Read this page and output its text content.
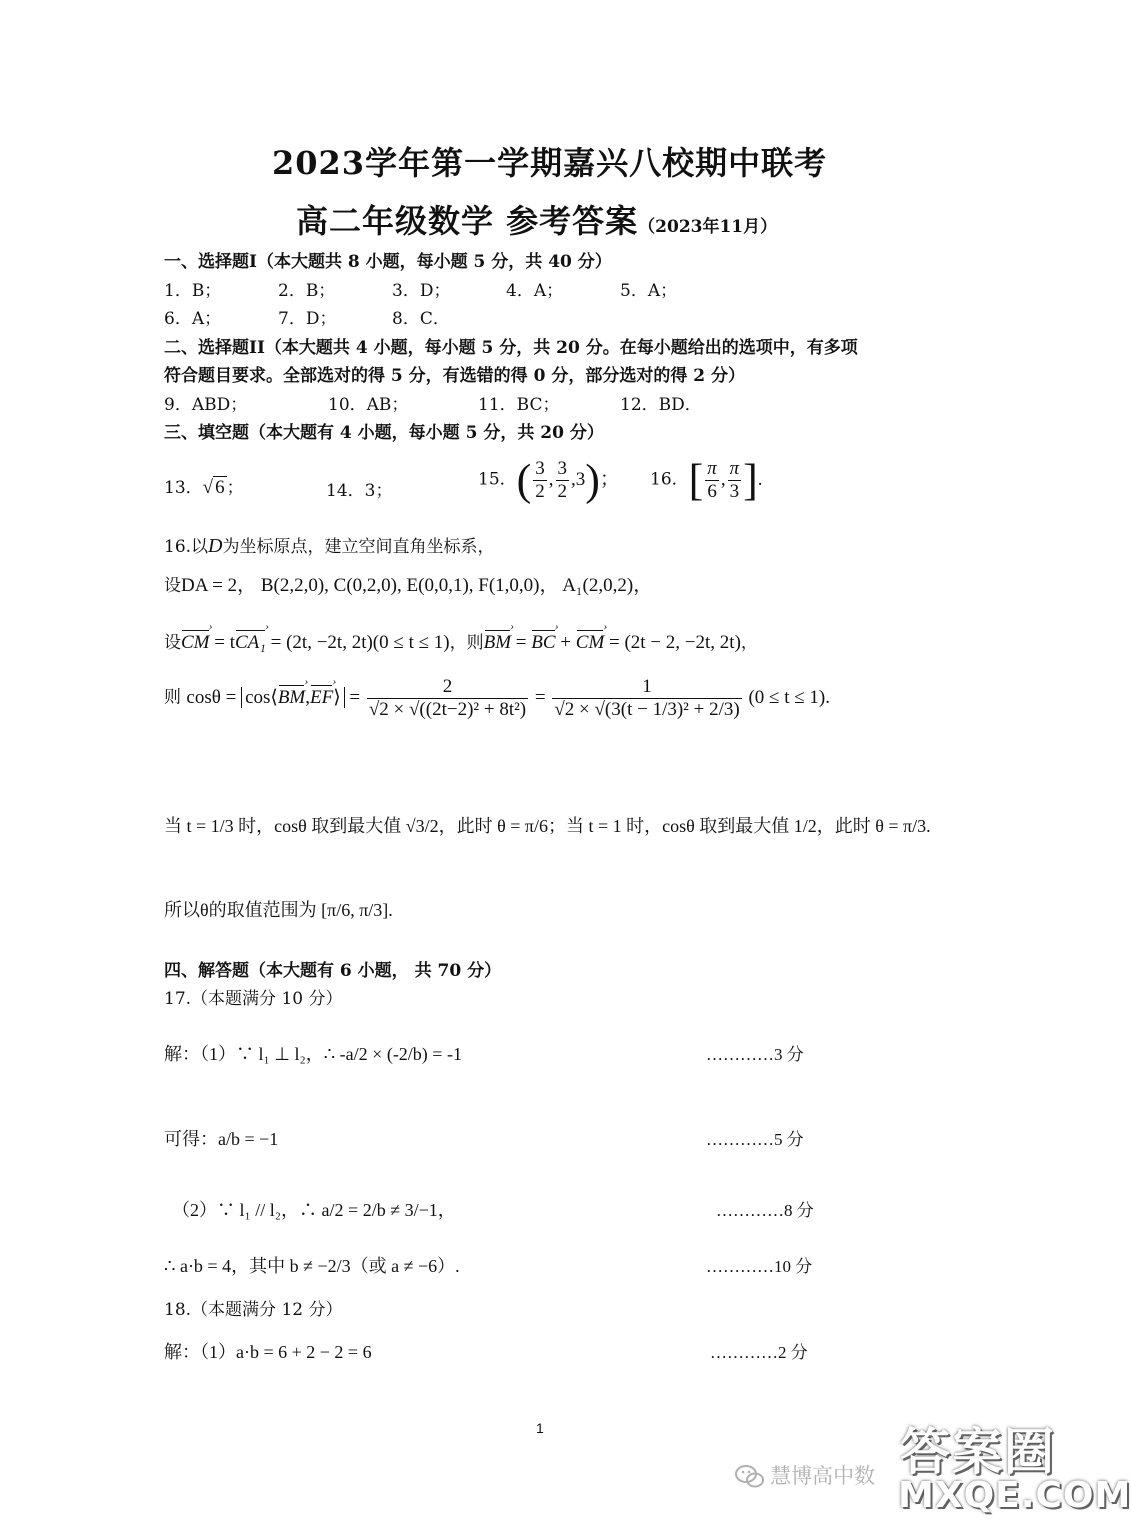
2023学年第一学期嘉兴八校期中联考
高二年级数学 参考答案（2023年11月）
一、选择题I（本大题共 8 小题，每小题 5 分，共 40 分）
1．B；	2．B；	3．D；	4．A；	5．A；
6．A；	7．D；	8．C．
二、选择题II（本大题共 4 小题，每小题 5 分，共 20 分。在每小题给出的选项中，有多项
符合题目要求。全部选对的得 5 分，有选错的得 0 分，部分选对的得 2 分）
9．ABD；	10．AB；	11．BC；	12．BD．
三、填空题（本大题有 4 小题，每小题 5 分，共 20 分）
13．√ 6 ；	14．3；
15．( $\frac{3}{2}$ , $\frac{3}{2} ,3$)； 16．[ $\frac{\pi}{6}$ , $\frac{\pi}{3}$ ].
16.以D为坐标原点，建立空间直角坐标系，
设DA = 2， B(2,2,0), C(0,2,0), E(0,0,1), F(1,0,0)， A₁(2,0,2)，
设CM › = tCA₁ › = (2t, −2t, 2t)(0 ≤ t ≤ 1)，则BM › = BC › + CM › = (2t − 2, −2t, 2t)，
则 cosθ = cos⟨BM ›,EF ›⟩ = $\frac{2}{\text{√2 × √((2t−2)² + 8t²)}} = \frac{1}{\text{√2 × √(3(t − 1/3)² + 2/3)}} (0 \le t \le 1)$.
当 t = 1/3 时，cosθ 取到最大值 √3/2，此时 θ = π/6；当 t = 1 时，cosθ 取到最大值 1/2，此时 θ = π/3.
所以θ的取值范围为 [π/6, π/3].
四、解答题（本大题有 6 小题， 共 70 分）
17.（本题满分 10 分）
解：（1）∵ l₁ ⊥ l₂，∴ -a/2 × (-2/b) = -1	…………3 分
可得：a/b = −1	…………5 分
（2）∵ l₁ // l₂，∴ a/2 = 2/b ≠ 3/−1，	…………8 分
∴ a·b = 4，其中 b ≠ −2/3（或 a ≠ −6）.	…………10 分
18.（本题满分 12 分）
解：（1）a·b = 6 + 2 − 2 = 6	…………2 分
1
慧博高中数 答案圈
MXQE.COM
